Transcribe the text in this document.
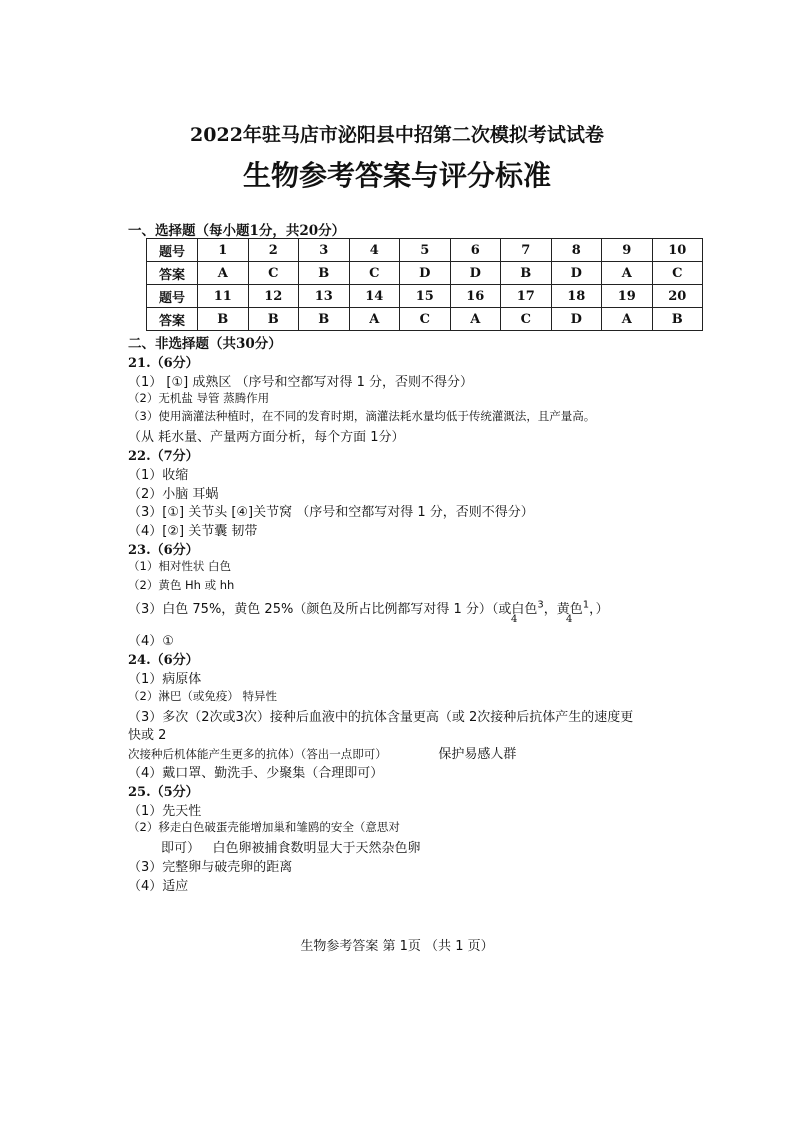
2022年驻马店市泌阳县中招第二次模拟考试试卷
生物参考答案与评分标准
一、选择题（每小题1分，共20分）
题号	1	2	3	4	5	6	7	8	9	10
答案	A	C	B	C	D	D	B	D	A	C
题号	11	12	13	14	15	16	17	18	19	20
答案	B	B	B	A	C	A	C	D	A	B
二、非选择题（共30分）
21.（6分）
（1） [①] 成熟区 （序号和空都写对得 1 分，否则不得分）
（2）无机盐 导管 蒸腾作用
（3）使用滴灌法种植时，在不同的发育时期，滴灌法耗水量均低于传统灌溉法，且产量高。
（从 耗水量、产量两方面分析，每个方面 1分）
22.（7分）
（1）收缩
（2）小脑 耳蜗
（3）[①] 关节头 [④]关节窝 （序号和空都写对得 1 分，否则不得分）
（4）[②] 关节囊 韧带
23.（6分）
（1）相对性状 白色
（2）黄色 Hh 或 hh
（3）白色 75%，黄色 25%（颜色及所占比例都写对得 1 分）（或白色$^3$，黄色$^1$，）
4	4
（4）①
24.（6分）
（1）病原体
（2）淋巴（或免疫） 特异性
（3）多次（2次或3次）接种后血液中的抗体含量更高（或 2次接种后抗体产生的速度更
快或 2
次接种后机体能产生更多的抗体）（答出一点即可）	保护易感人群
（4）戴口罩、勤洗手、少聚集（合理即可）
25.（5分）
（1）先天性
（2）移走白色破蛋壳能增加巢和雏鸥的安全（意思对
即可）   白色卵被捕食数明显大于天然杂色卵
（3）完整卵与破壳卵的距离
（4）适应
生物参考答案 第 1页 （共 1 页）
